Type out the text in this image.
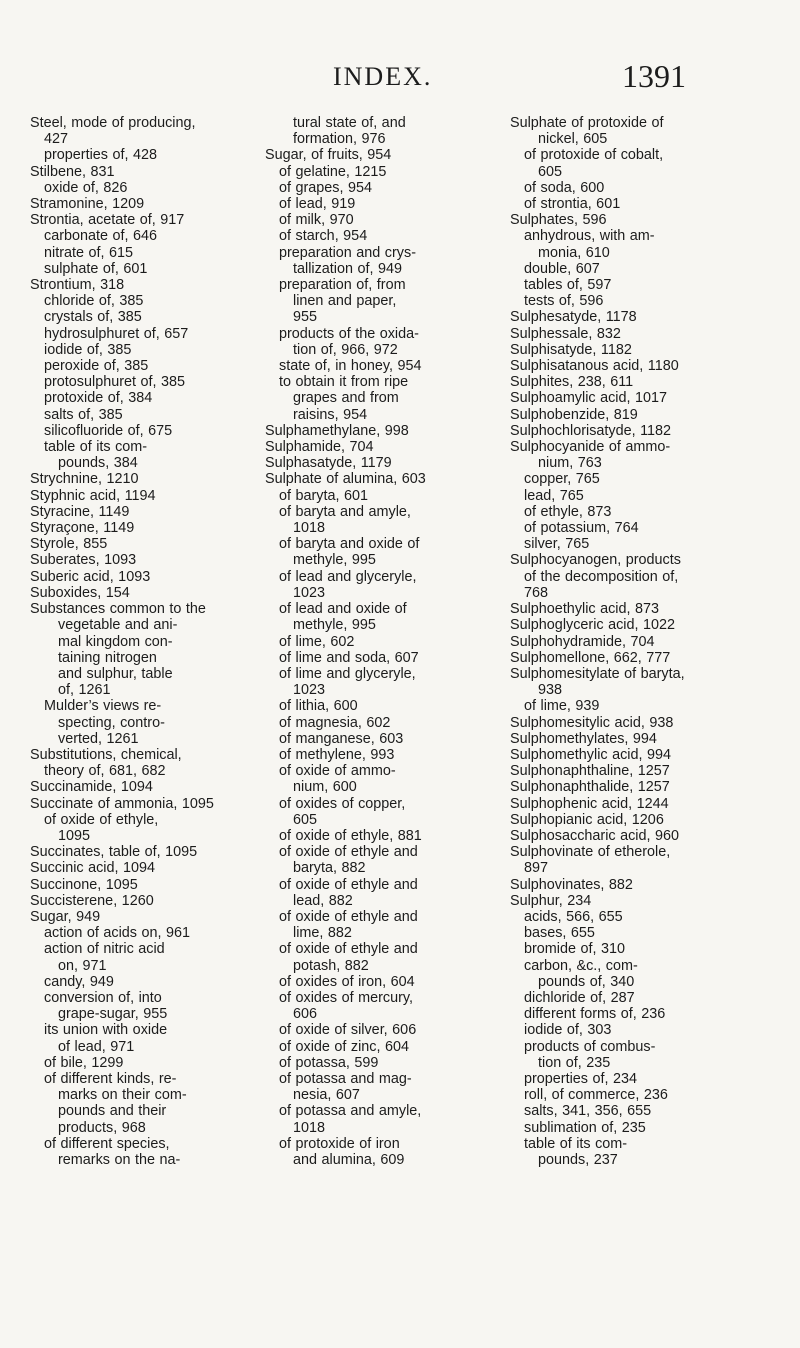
INDEX.	1391
Steel, mode of producing,
427
properties of, 428
Stilbene, 831
oxide of, 826
Stramonine, 1209
Strontia, acetate of, 917
carbonate of, 646
nitrate of, 615
sulphate of, 601
Strontium, 318
chloride of, 385
crystals of, 385
hydrosulphuret of, 657
iodide of, 385
peroxide of, 385
protosulphuret of, 385
protoxide of, 384
salts of, 385
silicofluoride of, 675
table of its com-
pounds, 384
Strychnine, 1210
Styphnic acid, 1194
Styracine, 1149
Styraçone, 1149
Styrole, 855
Suberates, 1093
Suberic acid, 1093
Suboxides, 154
Substances common to the
vegetable and ani-
mal kingdom con-
taining nitrogen
and sulphur, table
of, 1261
Mulder’s views re-
specting, contro-
verted, 1261
Substitutions, chemical,
theory of, 681, 682
Succinamide, 1094
Succinate of ammonia, 1095
of oxide of ethyle,
1095
Succinates, table of, 1095
Succinic acid, 1094
Succinone, 1095
Succisterene, 1260
Sugar, 949
action of acids on, 961
action of nitric acid
on, 971
candy, 949
conversion of, into
grape-sugar, 955
its union with oxide
of lead, 971
of bile, 1299
of different kinds, re-
marks on their com-
pounds and their
products, 968
of different species,
remarks on the na-
tural state of, and
formation, 976
Sugar, of fruits, 954
of gelatine, 1215
of grapes, 954
of lead, 919
of milk, 970
of starch, 954
preparation and crys-
tallization of, 949
preparation of, from
linen and paper,
955
products of the oxida-
tion of, 966, 972
state of, in honey, 954
to obtain it from ripe
grapes and from
raisins, 954
Sulphamethylane, 998
Sulphamide, 704
Sulphasatyde, 1179
Sulphate of alumina, 603
of baryta, 601
of baryta and amyle,
1018
of baryta and oxide of
methyle, 995
of lead and glyceryle,
1023
of lead and oxide of
methyle, 995
of lime, 602
of lime and soda, 607
of lime and glyceryle,
1023
of lithia, 600
of magnesia, 602
of manganese, 603
of methylene, 993
of oxide of ammo-
nium, 600
of oxides of copper,
605
of oxide of ethyle, 881
of oxide of ethyle and
baryta, 882
of oxide of ethyle and
lead, 882
of oxide of ethyle and
lime, 882
of oxide of ethyle and
potash, 882
of oxides of iron, 604
of oxides of mercury,
606
of oxide of silver, 606
of oxide of zinc, 604
of potassa, 599
of potassa and mag-
nesia, 607
of potassa and amyle,
1018
of protoxide of iron
and alumina, 609
Sulphate of protoxide of
nickel, 605
of protoxide of cobalt,
605
of soda, 600
of strontia, 601
Sulphates, 596
anhydrous, with am-
monia, 610
double, 607
tables of, 597
tests of, 596
Sulphesatyde, 1178
Sulphessale, 832
Sulphisatyde, 1182
Sulphisatanous acid, 1180
Sulphites, 238, 611
Sulphoamylic acid, 1017
Sulphobenzide, 819
Sulphochlorisatyde, 1182
Sulphocyanide of ammo-
nium, 763
copper, 765
lead, 765
of ethyle, 873
of potassium, 764
silver, 765
Sulphocyanogen, products
of the decomposition of,
768
Sulphoethylic acid, 873
Sulphoglyceric acid, 1022
Sulphohydramide, 704
Sulphomellone, 662, 777
Sulphomesitylate of baryta,
938
of lime, 939
Sulphomesitylic acid, 938
Sulphomethylates, 994
Sulphomethylic acid, 994
Sulphonaphthaline, 1257
Sulphonaphthalide, 1257
Sulphophenic acid, 1244
Sulphopianic acid, 1206
Sulphosaccharic acid, 960
Sulphovinate of etherole,
897
Sulphovinates, 882
Sulphur, 234
acids, 566, 655
bases, 655
bromide of, 310
carbon, &c., com-
pounds of, 340
dichloride of, 287
different forms of, 236
iodide of, 303
products of combus-
tion of, 235
properties of, 234
roll, of commerce, 236
salts, 341, 356, 655
sublimation of, 235
table of its com-
pounds, 237
